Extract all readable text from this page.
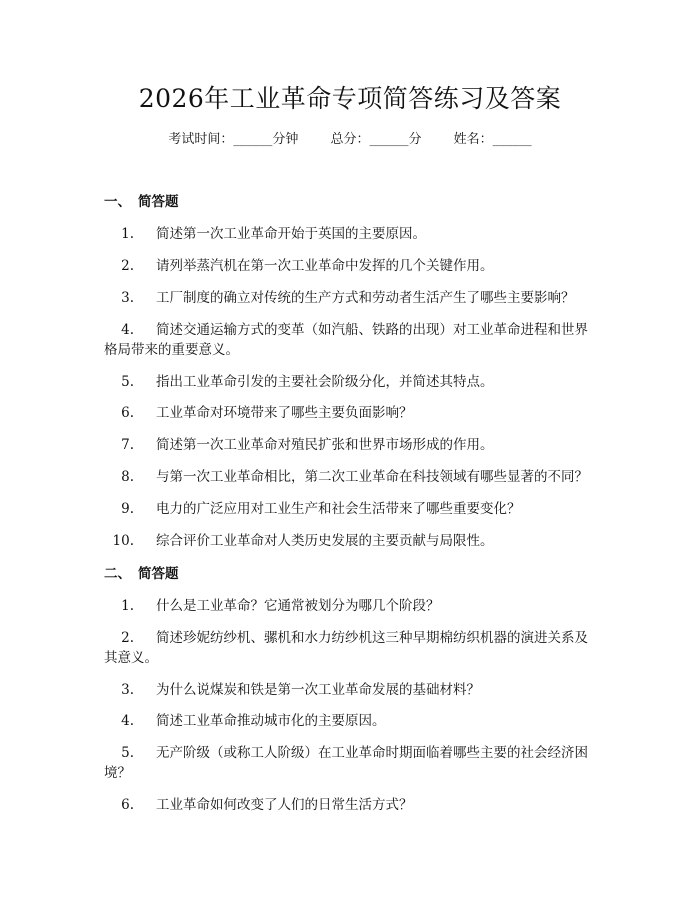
2026年工业革命专项简答练习及答案
考试时间：______分钟 总分：______分 姓名：______
一、 简答题
1. 简述第一次工业革命开始于英国的主要原因。
2. 请列举蒸汽机在第一次工业革命中发挥的几个关键作用。
3. 工厂制度的确立对传统的生产方式和劳动者生活产生了哪些主要影响？
4. 简述交通运输方式的变革（如汽船、铁路的出现）对工业革命进程和世界格局带来的重要意义。
5. 指出工业革命引发的主要社会阶级分化，并简述其特点。
6. 工业革命对环境带来了哪些主要负面影响？
7. 简述第一次工业革命对殖民扩张和世界市场形成的作用。
8. 与第一次工业革命相比，第二次工业革命在科技领域有哪些显著的不同？
9. 电力的广泛应用对工业生产和社会生活带来了哪些重要变化？
10. 综合评价工业革命对人类历史发展的主要贡献与局限性。
二、 简答题
1. 什么是工业革命？它通常被划分为哪几个阶段？
2. 简述珍妮纺纱机、骡机和水力纺纱机这三种早期棉纺织机器的演进关系及其意义。
3. 为什么说煤炭和铁是第一次工业革命发展的基础材料？
4. 简述工业革命推动城市化的主要原因。
5. 无产阶级（或称工人阶级）在工业革命时期面临着哪些主要的社会经济困境？
6. 工业革命如何改变了人们的日常生活方式？
